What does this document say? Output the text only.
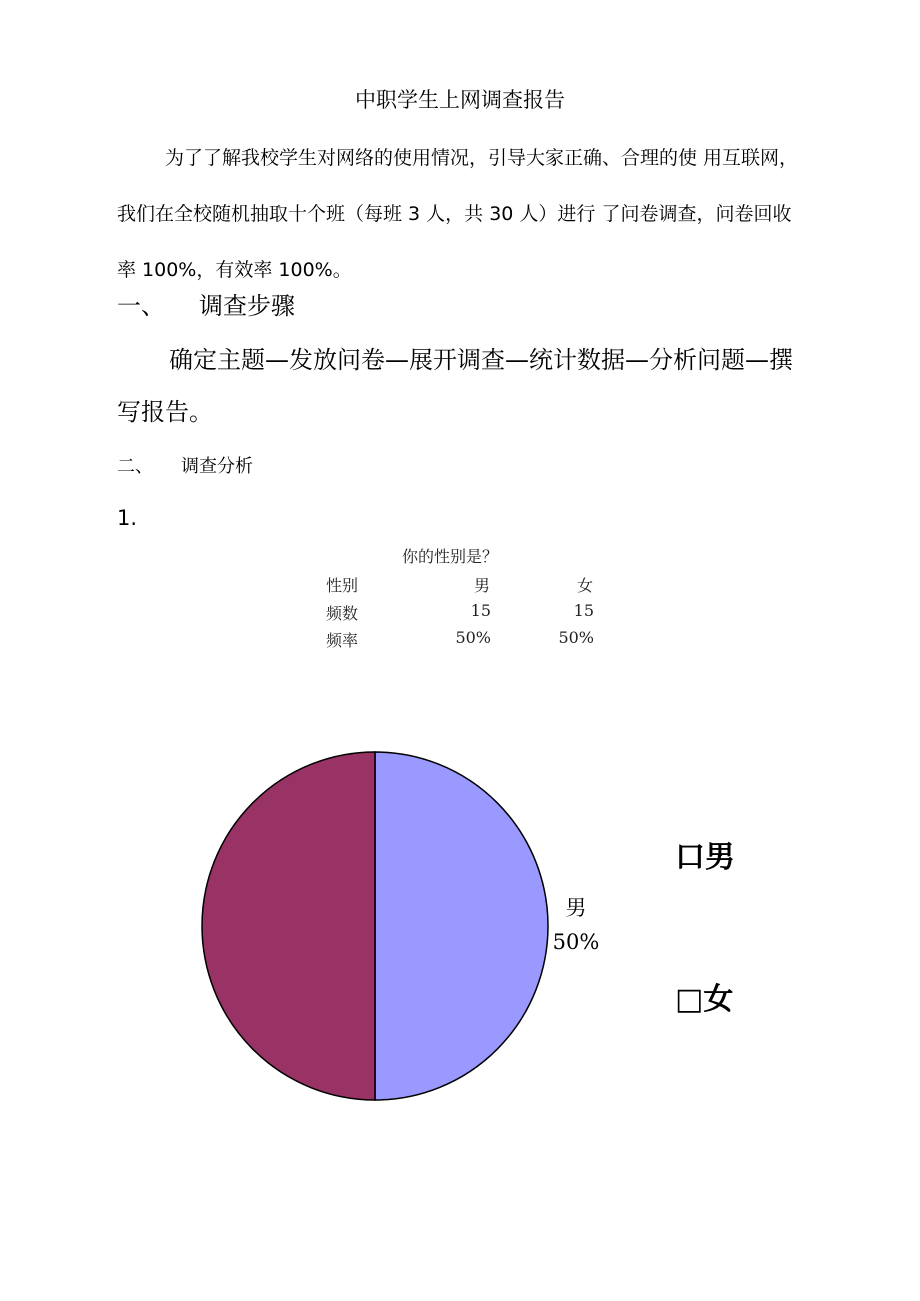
中职学生上网调查报告
为了了解我校学生对网络的使用情况，引导大家正确、合理的使 用互联网，我们在全校随机抽取十个班（每班 3 人，共 30 人）进行 了问卷调查，问卷回收率 100%，有效率 100%。
一、 调查步骤
确定主题—发放问卷—展开调查—统计数据—分析问题—撰写报告。
二、 调查分析
1.
你的性别是？
性别	男	女
频数	15	15
频率	50%	50%
男
50%
口男
□女
